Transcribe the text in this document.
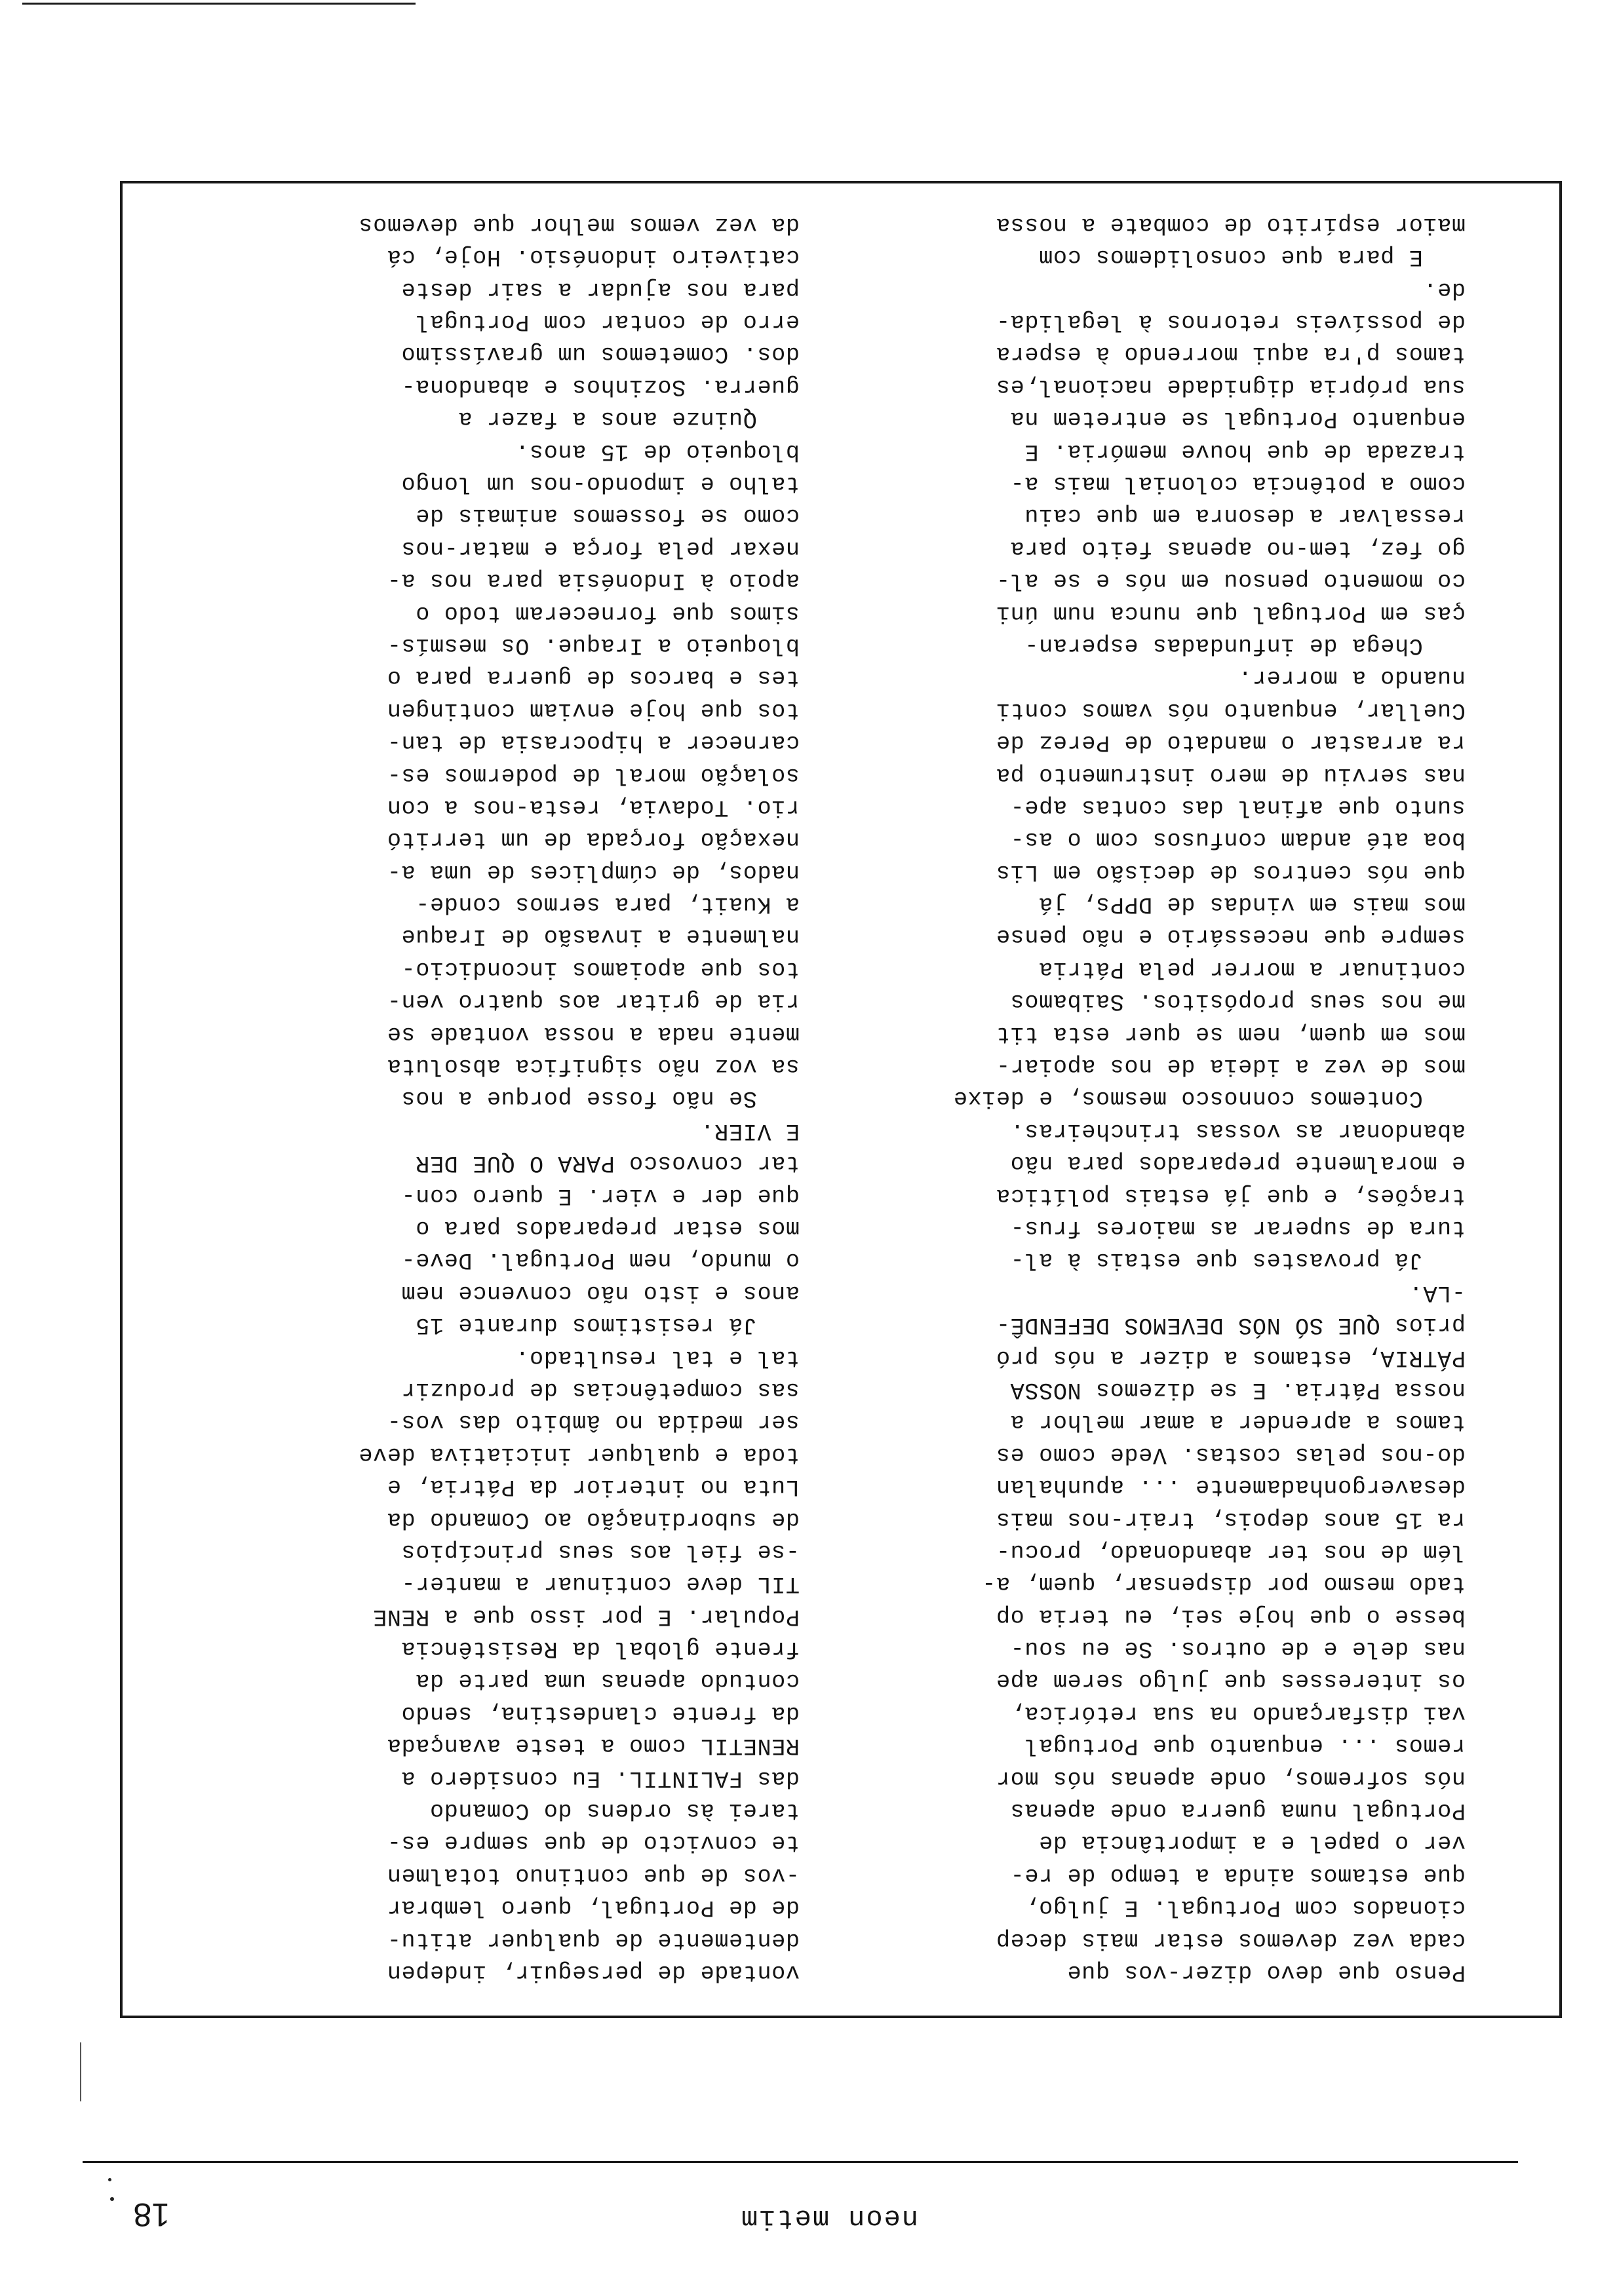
Penso que devo dizer-vos que
cada vez devemos estar mais decep
cionados com Portugal. E julgo,
que estamos ainda a tempo de re-
ver o papel e a importância de
Portugal numa guerra onde apenas
nós sofremos, onde apenas nós mor
remos ... enquanto que Portugal
vai disfarçando na sua retórica,
os interesses que julgo serem ape
nas dele e de outros. Se eu sou-
besse o que hoje sei, eu teria op
tado mesmo por dispensar, quem, a-
lém de nos ter abandonado, procu-
ra 15 anos depois, trair-nos mais
desavergonhadamente ... apunhalan
do-nos pelas costas. Vede como es
tamos a aprender a amar melhor a
nossa Pátria. E se dizemos NOSSA
PÁTRIA, estamos a dizer a nós pró
prios QUE SÓ NÓS DEVEMOS DEFENDÊ-
-LA.
Já provastes que estais à al-
tura de superar as maiores frus-
trações, e que já estais política
e moralmente preparados para não
abandonar as vossas trincheiras.
Contemos connosco mesmos, e deixe
mos de vez a ideia de nos apoiar-
mos em quem, nem se quer esta tit
me nos seus propósitos. Saibamos
continuar a morrer pela Pátria
sempre que necessário e não pense
mos mais em vindas de DPPs, já
que nós centros de decisão em Lis
boa até andam confusos com o as-
sunto que afinal das contas ape-
nas serviu de mero instrumento pa
ra arrastar o mandato de Perez de
Cuellar, enquanto nós vamos conti
nuando a morrer.
Chega de infundadas esperan-
ças em Portugal que nunca num úni
co momento pensou em nós e se al-
go fez, tem-no apenas feito para
ressalvar a desonra em que caiu
como a potência colonial mais a-
trazada de que houve memória. E
enquanto Portugal se entretem na
sua própria dignidade nacional,es
tamos p'ra aqui morrendo à espera
de possíveis retornos à legalida-
de.
E para que consolidemos com
maior espírito de combate a nossa
vontade de perseguir, indepen
dentemente de qualquer atitu-
de de Portugal, quero lembrar
-vos de que continuo totalmen
te convicto de que sempre es-
tarei às ordens do Comando
das FALINTIL. Eu considero a
RENETIL como a teste avançada
da frente clandestina, sendo
contudo apenas uma parte da
frente global da Resistência
Popular. E por isso que a RENE
TIL deve continuar a manter-
-se fiel aos seus princípios
de subordinação ao Comando da
Luta no interior da Pátria, e
toda e qualquer iniciativa deve
ser medida no âmbito das vos-
sas competências de produzir
tal e tal resultado.
Já resistimos durante 15
anos e isto não convence nem
o mundo, nem Portugal. Deve-
mos estar preparados para o
que der e vier. E quero con-
tar convosco PARA O QUE DER
E VIER.
Se não fosse porque a nos
sa voz não significa absoluta
mente nada a nossa vontade se
ria de gritar aos quatro ven-
tos que apoiamos incondicio-
nalmente a invasão de Iraque
a Kuait, para sermos conde-
nados, de cúmplices de uma a-
nexação forçada de um territó
rio. Todavia, resta-nos a con
solação moral de podermos es-
carnecer a hipocrasia de tan-
tos que hoje enviam contingen
tes e barcos de guerra para o
bloqueio a Iraque. Os mesmís-
simos que forneceram todo o
apoio à Indonésia para nos a-
nexar pela força e matar-nos
como se fossemos animais de
talho e impondo-nos um longo
bloqueio de 15 anos.
Quinze anos a fazer a
guerra. Sozinhos e abandona-
dos. Cometemos um gravíssimo
erro de contar com Portugal
para nos ajudar a sair deste
cativeiro indonésio. Hoje, cá
da vez vemos melhor que devemos
neon metim
18
